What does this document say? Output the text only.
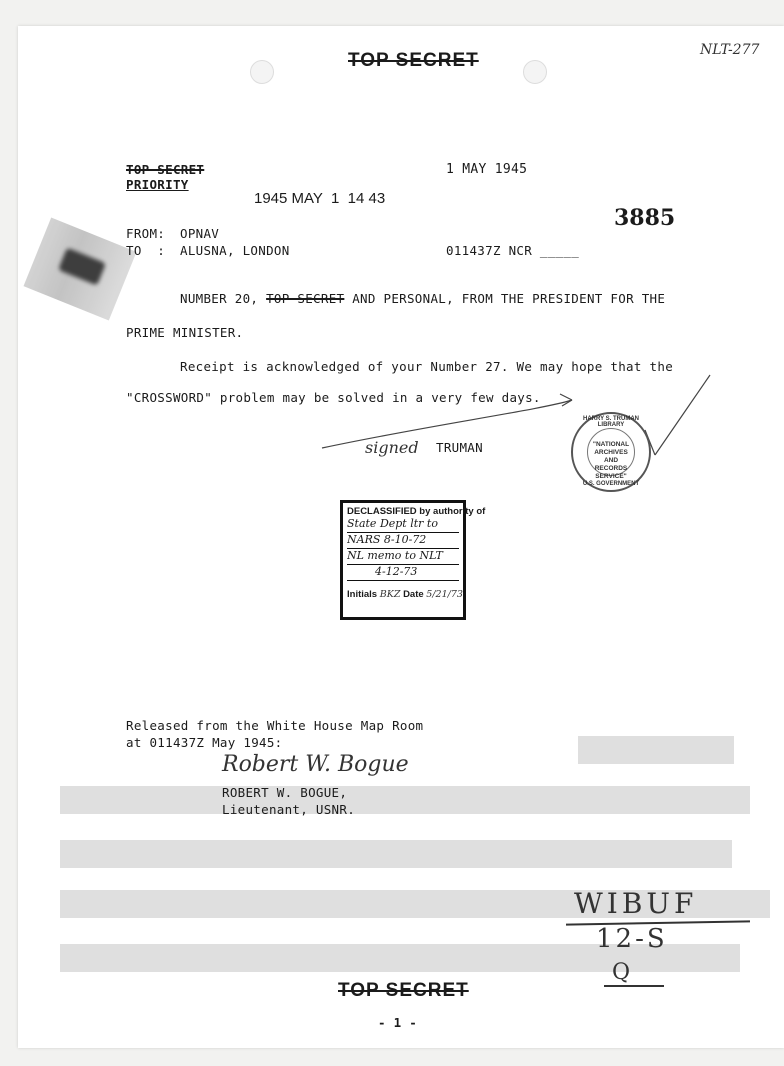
NLT-277
TOP SECRET
TOP SECRET
PRIORITY
1 MAY 1945
1945 MAY  1  14 43
3885
FROM: OPNAV
TO  : ALUSNA, LONDON	011437Z NCR _____
NUMBER 20, TOP SECRET AND PERSONAL, FROM THE PRESIDENT FOR THE
PRIME MINISTER.
Receipt is acknowledged of your Number 27. We may hope that the
"CROSSWORD" problem may be solved in a very few days.
signed TRUMAN
HARRY S. TRUMAN LIBRARY
"NATIONAL ARCHIVES AND RECORDS SERVICE"
U.S. GOVERNMENT
DECLASSIFIED by authority of
State Dept ltr to
NARS 8-10-72
NL memo to NLT
4-12-73
Initials BKZ Date 5/21/73
Released from the White House Map Room
at 011437Z May 1945:
Robert W. Bogue
ROBERT W. BOGUE,
Lieutenant, USNR.
WIBUF
12-S
Q
TOP SECRET
- 1 -
